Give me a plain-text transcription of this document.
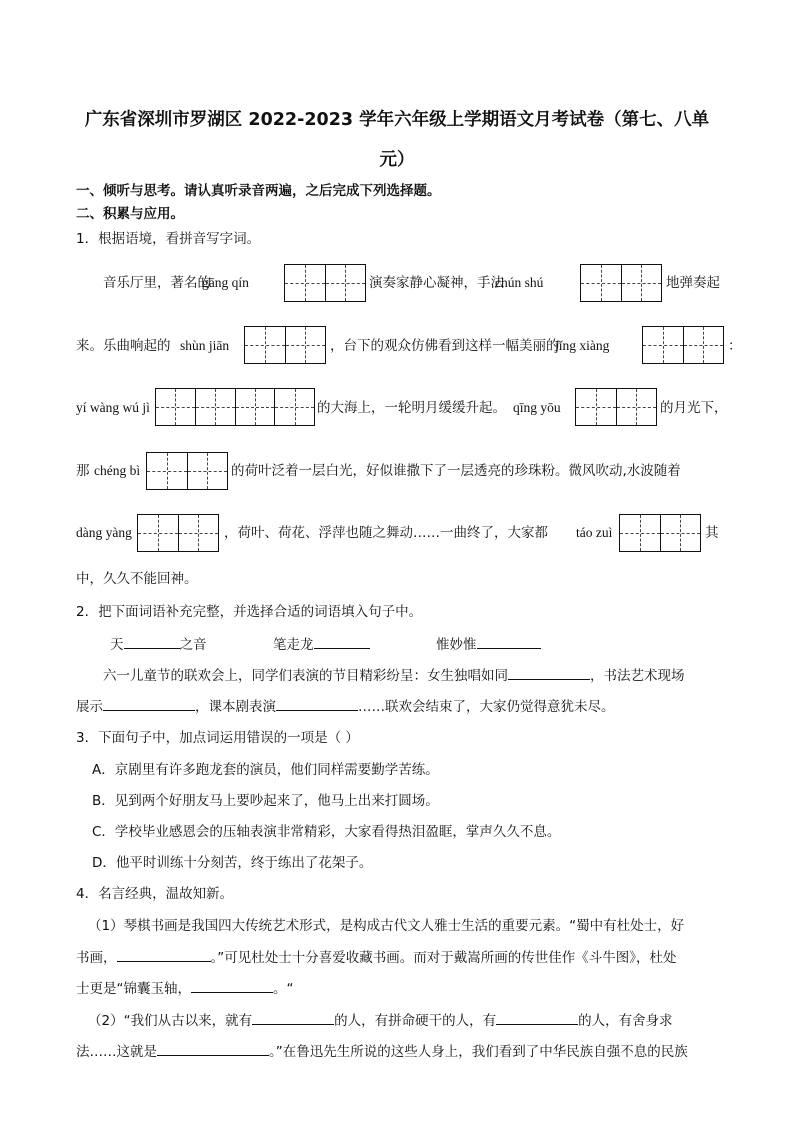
广东省深圳市罗湖区 2022-2023 学年六年级上学期语文月考试卷（第七、八单
元）
一、倾听与思考。请认真听录音两遍，之后完成下列选择题。
二、积累与应用。
1．根据语境，看拼音写字词。
音乐厅里，著名的
gāng qín	演奏家静心凝神，手法
chún shú	地弹奏起
来。乐曲响起的 shùn jiān	，台下的观众仿佛看到这样一幅美丽的
jǐng xiàng	：
yí wàng wú jì	的大海上，一轮明月缓缓升起。 qīng yōu	的月光下，
那 chéng bì	的荷叶泛着一层白光，好似谁撒下了一层透亮的珍珠粉。微风吹动,水波随着
dàng yàng	，荷叶、荷花、浮萍也随之舞动……一曲终了，大家都 táo zuì	其
中，久久不能回神。
2．把下面词语补充完整，并选择合适的词语填入句子中。
天	之音	笔走龙	惟妙惟
六一儿童节的联欢会上，同学们表演的节目精彩纷呈：女生独唱如同	，书法艺术现场
展示	，课本剧表演	……联欢会结束了，大家仍觉得意犹未尽。
3．下面句子中，加点词运用错误的一项是（ ）
A．京剧里有许多跑龙套的演员，他们同样需要勤学苦练。
B．见到两个好朋友马上要吵起来了，他马上出来打圆场。
C．学校毕业感恩会的压轴表演非常精彩，大家看得热泪盈眶，掌声久久不息。
D．他平时训练十分刻苦，终于练出了花架子。
4．名言经典，温故知新。
（1）琴棋书画是我国四大传统艺术形式，是构成古代文人雅士生活的重要元素。“蜀中有杜处士，好
书画，	。”可见杜处士十分喜爱收藏书画。而对于戴嵩所画的传世佳作《斗牛图》，杜处
士更是“锦囊玉轴，	。“
（2）“我们从古以来，就有	的人，有拼命硬干的人，有	的人，有舍身求
法……这就是	。”在鲁迅先生所说的这些人身上，我们看到了中华民族自强不息的民族
